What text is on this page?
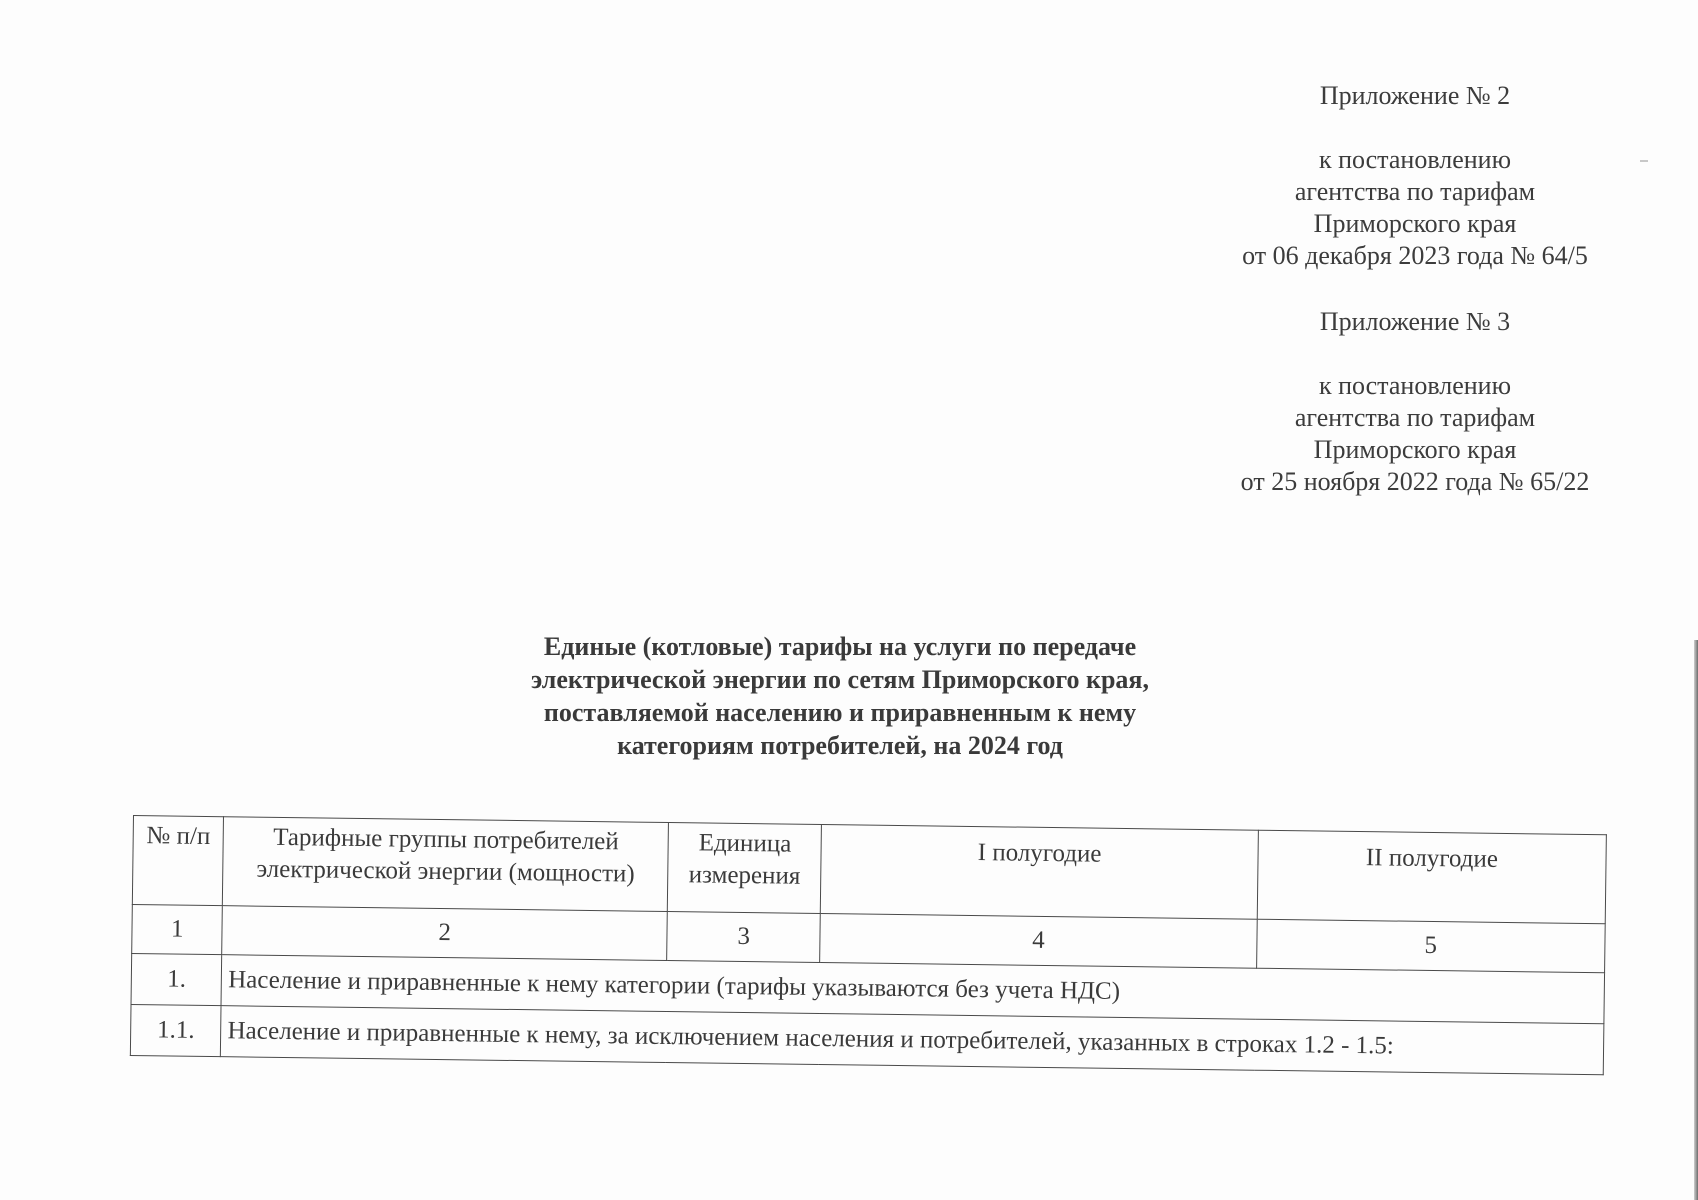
Приложение № 2
к постановлению
агентства по тарифам
Приморского края
от 06 декабря 2023 года № 64/5
Приложение № 3
к постановлению
агентства по тарифам
Приморского края
от 25 ноября 2022 года № 65/22
Единые (котловые) тарифы на услуги по передаче
электрической энергии по сетям Приморского края,
поставляемой населению и приравненным к нему
категориям потребителей, на 2024 год
№ п/п	Тарифные группы потребителей электрической энергии (мощности)	Единица измерения	I полугодие	II полугодие
1	2	3	4	5
1.	Население и приравненные к нему категории (тарифы указываются без учета НДС)			
1.1.	Население и приравненные к нему, за исключением населения и потребителей, указанных в строках 1.2 - 1.5:			
